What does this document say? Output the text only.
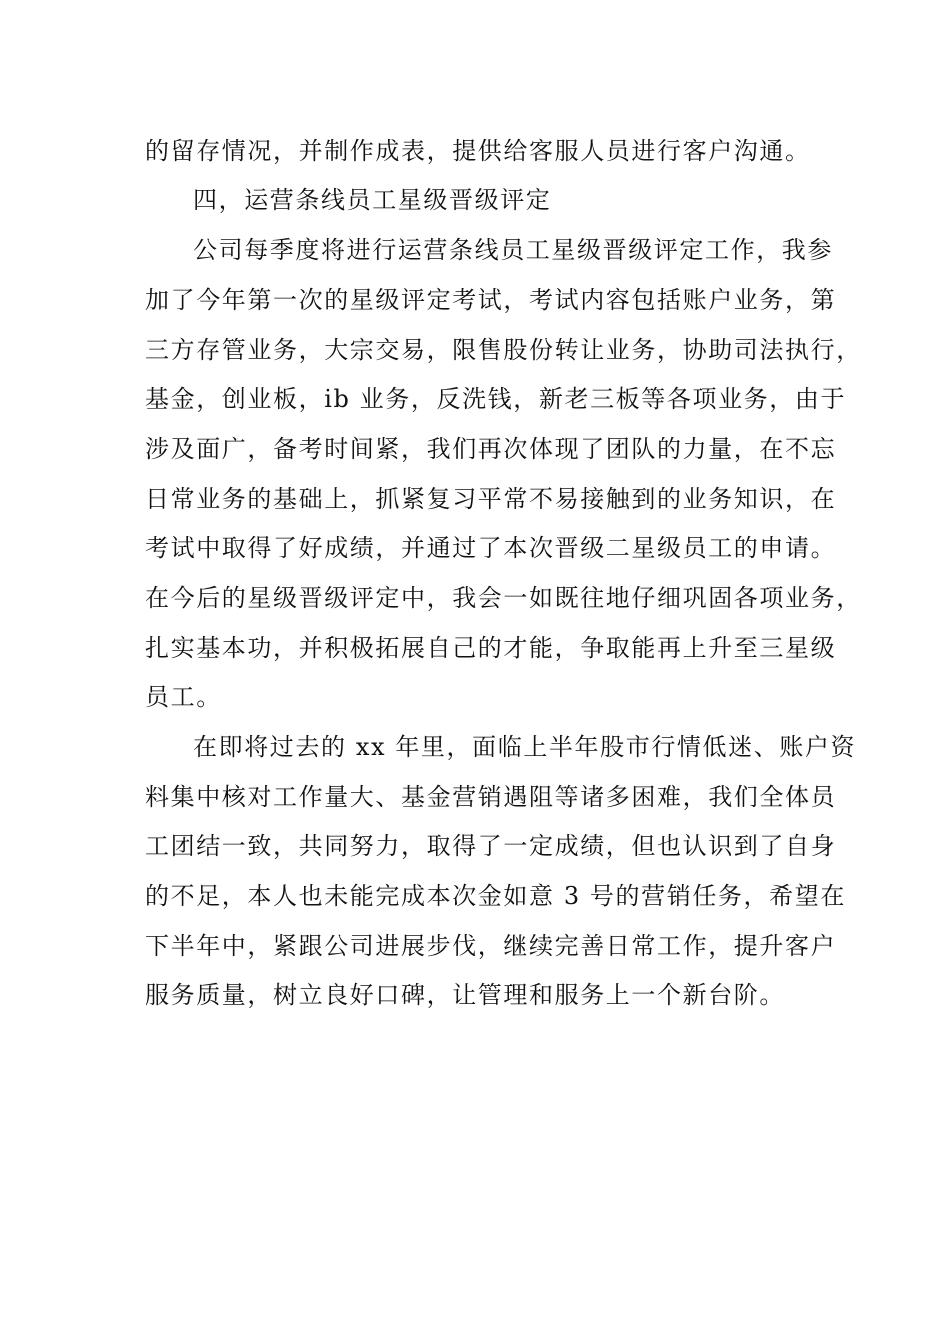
的留存情况，并制作成表，提供给客服人员进行客户沟通。
四，运营条线员工星级晋级评定
公司每季度将进行运营条线员工星级晋级评定工作，我参
加了今年第一次的星级评定考试，考试内容包括账户业务，第
三方存管业务，大宗交易，限售股份转让业务，协助司法执行，
基金，创业板，ib 业务，反洗钱，新老三板等各项业务，由于
涉及面广，备考时间紧，我们再次体现了团队的力量，在不忘
日常业务的基础上，抓紧复习平常不易接触到的业务知识，在
考试中取得了好成绩，并通过了本次晋级二星级员工的申请。
在今后的星级晋级评定中，我会一如既往地仔细巩固各项业务，
扎实基本功，并积极拓展自己的才能，争取能再上升至三星级
员工。
在即将过去的 xx 年里，面临上半年股市行情低迷、账户资
料集中核对工作量大、基金营销遇阻等诸多困难，我们全体员
工团结一致，共同努力，取得了一定成绩，但也认识到了自身
的不足，本人也未能完成本次金如意 3 号的营销任务，希望在
下半年中，紧跟公司进展步伐，继续完善日常工作，提升客户
服务质量，树立良好口碑，让管理和服务上一个新台阶。
